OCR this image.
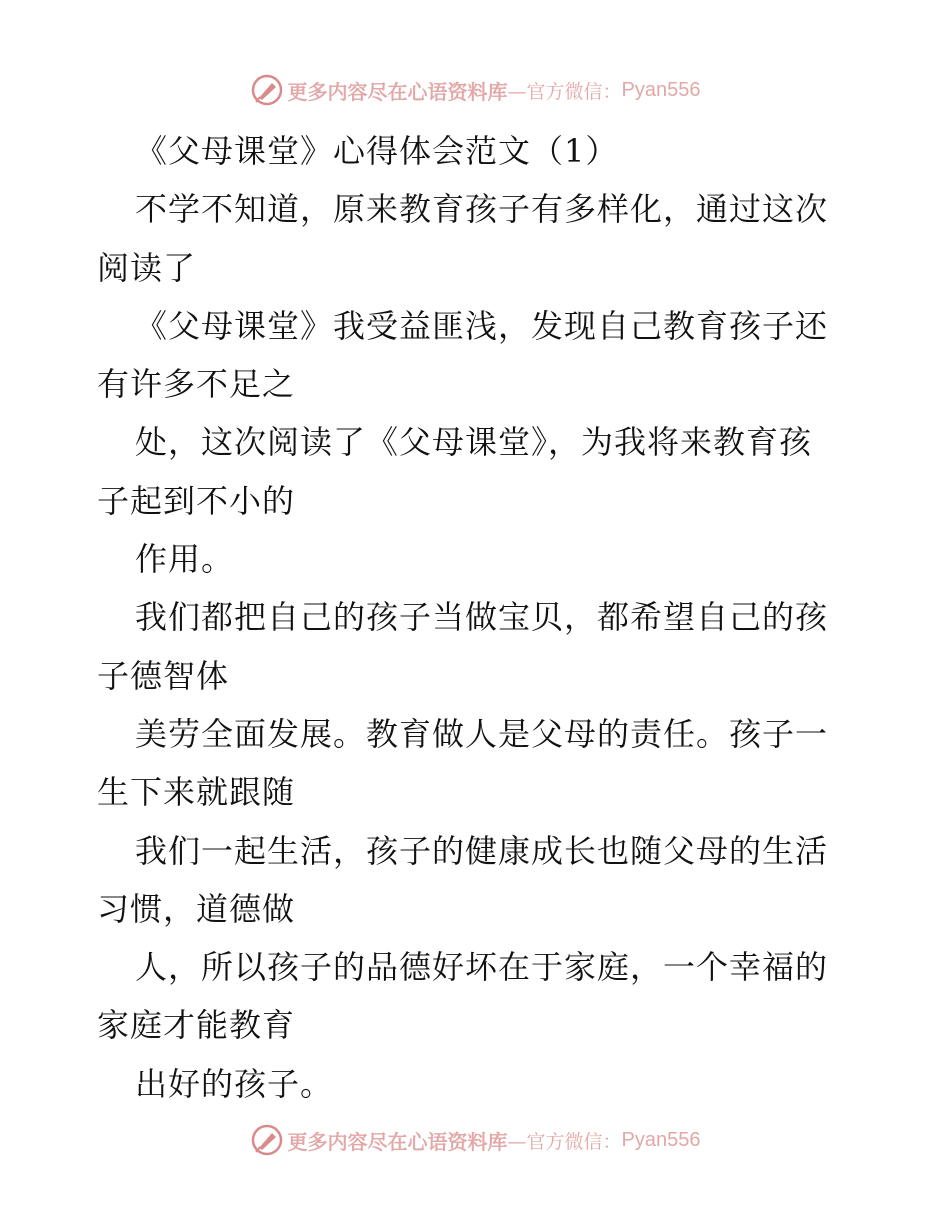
更多内容尽在心语资料库 —官方微信： Pyan556
《父母课堂》心得体会范文（1）
不学不知道，原来教育孩子有多样化，通过这次
阅读了
《父母课堂》我受益匪浅，发现自己教育孩子还
有许多不足之
处，这次阅读了《父母课堂》，为我将来教育孩
子起到不小的
作用。
我们都把自己的孩子当做宝贝，都希望自己的孩
子德智体
美劳全面发展。教育做人是父母的责任。孩子一
生下来就跟随
我们一起生活，孩子的健康成长也随父母的生活
习惯，道德做
人，所以孩子的品德好坏在于家庭，一个幸福的
家庭才能教育
出好的孩子。
更多内容尽在心语资料库 —官方微信： Pyan556
